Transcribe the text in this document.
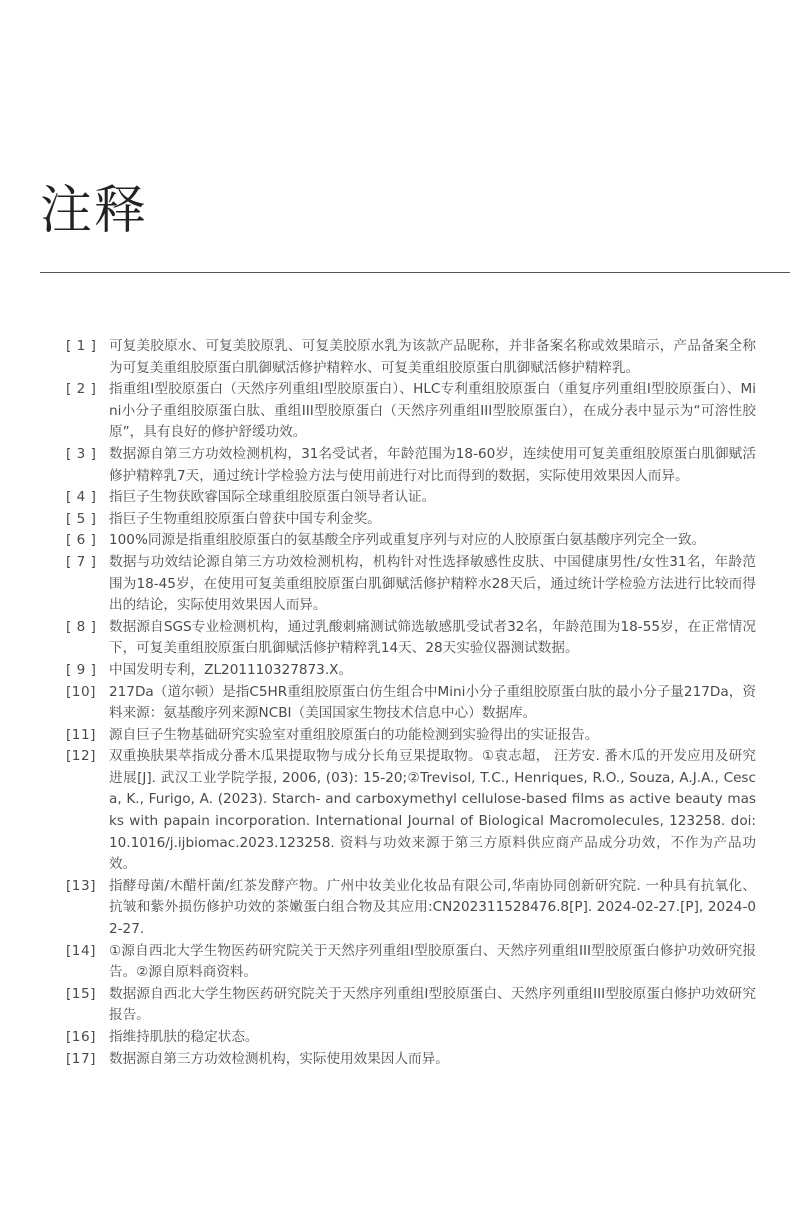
注释
[ 1 ] 可复美胶原水、可复美胶原乳、可复美胶原水乳为该款产品昵称，并非备案名称或效果暗示，产品备案全称为可复美重组胶原蛋白肌御赋活修护精粹水、可复美重组胶原蛋白肌御赋活修护精粹乳。
[ 2 ] 指重组I型胶原蛋白（天然序列重组I型胶原蛋白）、HLC专利重组胶原蛋白（重复序列重组I型胶原蛋白）、Mini小分子重组胶原蛋白肽、重组III型胶原蛋白（天然序列重组III型胶原蛋白），在成分表中显示为“可溶性胶原”，具有良好的修护舒缓功效。
[ 3 ] 数据源自第三方功效检测机构，31名受试者，年龄范围为18-60岁，连续使用可复美重组胶原蛋白肌御赋活修护精粹乳7天，通过统计学检验方法与使用前进行对比而得到的数据，实际使用效果因人而异。
[ 4 ] 指巨子生物获欧睿国际全球重组胶原蛋白领导者认证。
[ 5 ] 指巨子生物重组胶原蛋白曾获中国专利金奖。
[ 6 ] 100%同源是指重组胶原蛋白的氨基酸全序列或重复序列与对应的人胶原蛋白氨基酸序列完全一致。
[ 7 ] 数据与功效结论源自第三方功效检测机构，机构针对性选择敏感性皮肤、中国健康男性/女性31名，年龄范围为18-45岁，在使用可复美重组胶原蛋白肌御赋活修护精粹水28天后，通过统计学检验方法进行比较而得出的结论，实际使用效果因人而异。
[ 8 ] 数据源自SGS专业检测机构，通过乳酸刺痛测试筛选敏感肌受试者32名，年龄范围为18-55岁，在正常情况下，可复美重组胶原蛋白肌御赋活修护精粹乳14天、28天实验仪器测试数据。
[ 9 ] 中国发明专利，ZL201110327873.X。
[10] 217Da（道尔顿）是指C5HR重组胶原蛋白仿生组合中Mini小分子重组胶原蛋白肽的最小分子量217Da，资料来源：氨基酸序列来源NCBI（美国国家生物技术信息中心）数据库。
[11] 源自巨子生物基础研究实验室对重组胶原蛋白的功能检测到实验得出的实证报告。
[12] 双重换肤果萃指成分番木瓜果提取物与成分长角豆果提取物。①袁志超， 汪芳安. 番木瓜的开发应用及研究进展[J]. 武汉工业学院学报, 2006, (03): 15-20;②Trevisol, T.C., Henriques, R.O., Souza, A.J.A., Cesca, K., Furigo, A. (2023). Starch- and carboxymethyl cellulose-based films as active beauty masks with papain incorporation. International Journal of Biological Macromolecules, 123258. doi: 10.1016/j.ijbiomac.2023.123258. 资料与功效来源于第三方原料供应商产品成分功效，不作为产品功效。
[13] 指酵母菌/木醋杆菌/红茶发酵产物。广州中妆美业化妆品有限公司,华南协同创新研究院. 一种具有抗氧化、抗皱和紫外损伤修护功效的茶嫩蛋白组合物及其应用:CN202311528476.8[P]. 2024-02-27.[P], 2024-02-27.
[14] ①源自西北大学生物医药研究院关于天然序列重组I型胶原蛋白、天然序列重组III型胶原蛋白修护功效研究报告。②源自原料商资料。
[15] 数据源自西北大学生物医药研究院关于天然序列重组I型胶原蛋白、天然序列重组III型胶原蛋白修护功效研究报告。
[16] 指维持肌肤的稳定状态。
[17] 数据源自第三方功效检测机构，实际使用效果因人而异。
